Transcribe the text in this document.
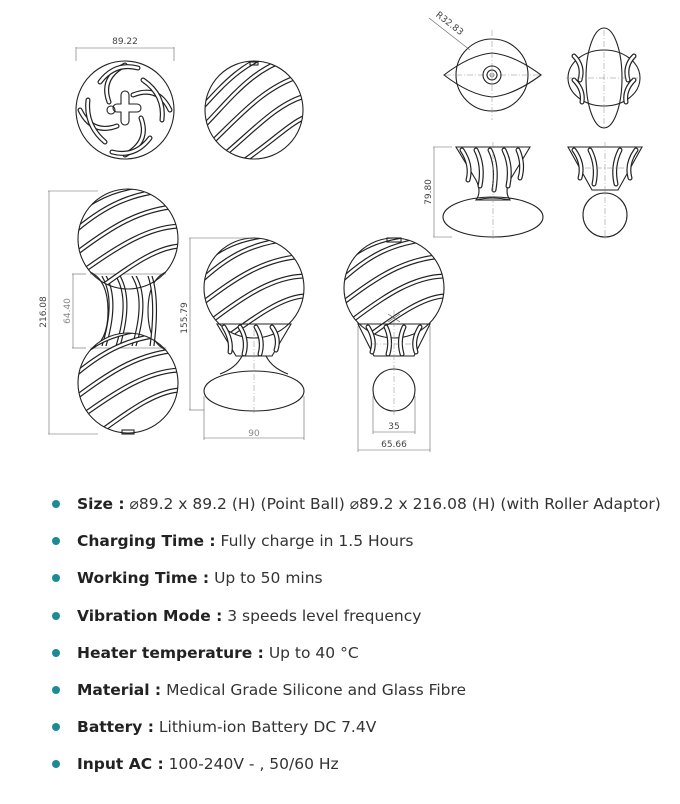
89.22
R32.83
79.80
216.08 64.40	155.79
90
35
65.66
Size : ⌀89.2 x 89.2 (H) (Point Ball) ⌀89.2 x 216.08 (H) (with Roller Adaptor)
Charging Time : Fully charge in 1.5 Hours
Working Time : Up to 50 mins
Vibration Mode : 3 speeds level frequency
Heater temperature : Up to 40 °C
Material : Medical Grade Silicone and Glass Fibre
Battery : Lithium-ion Battery DC 7.4V
Input AC : 100-240V - , 50/60 Hz
